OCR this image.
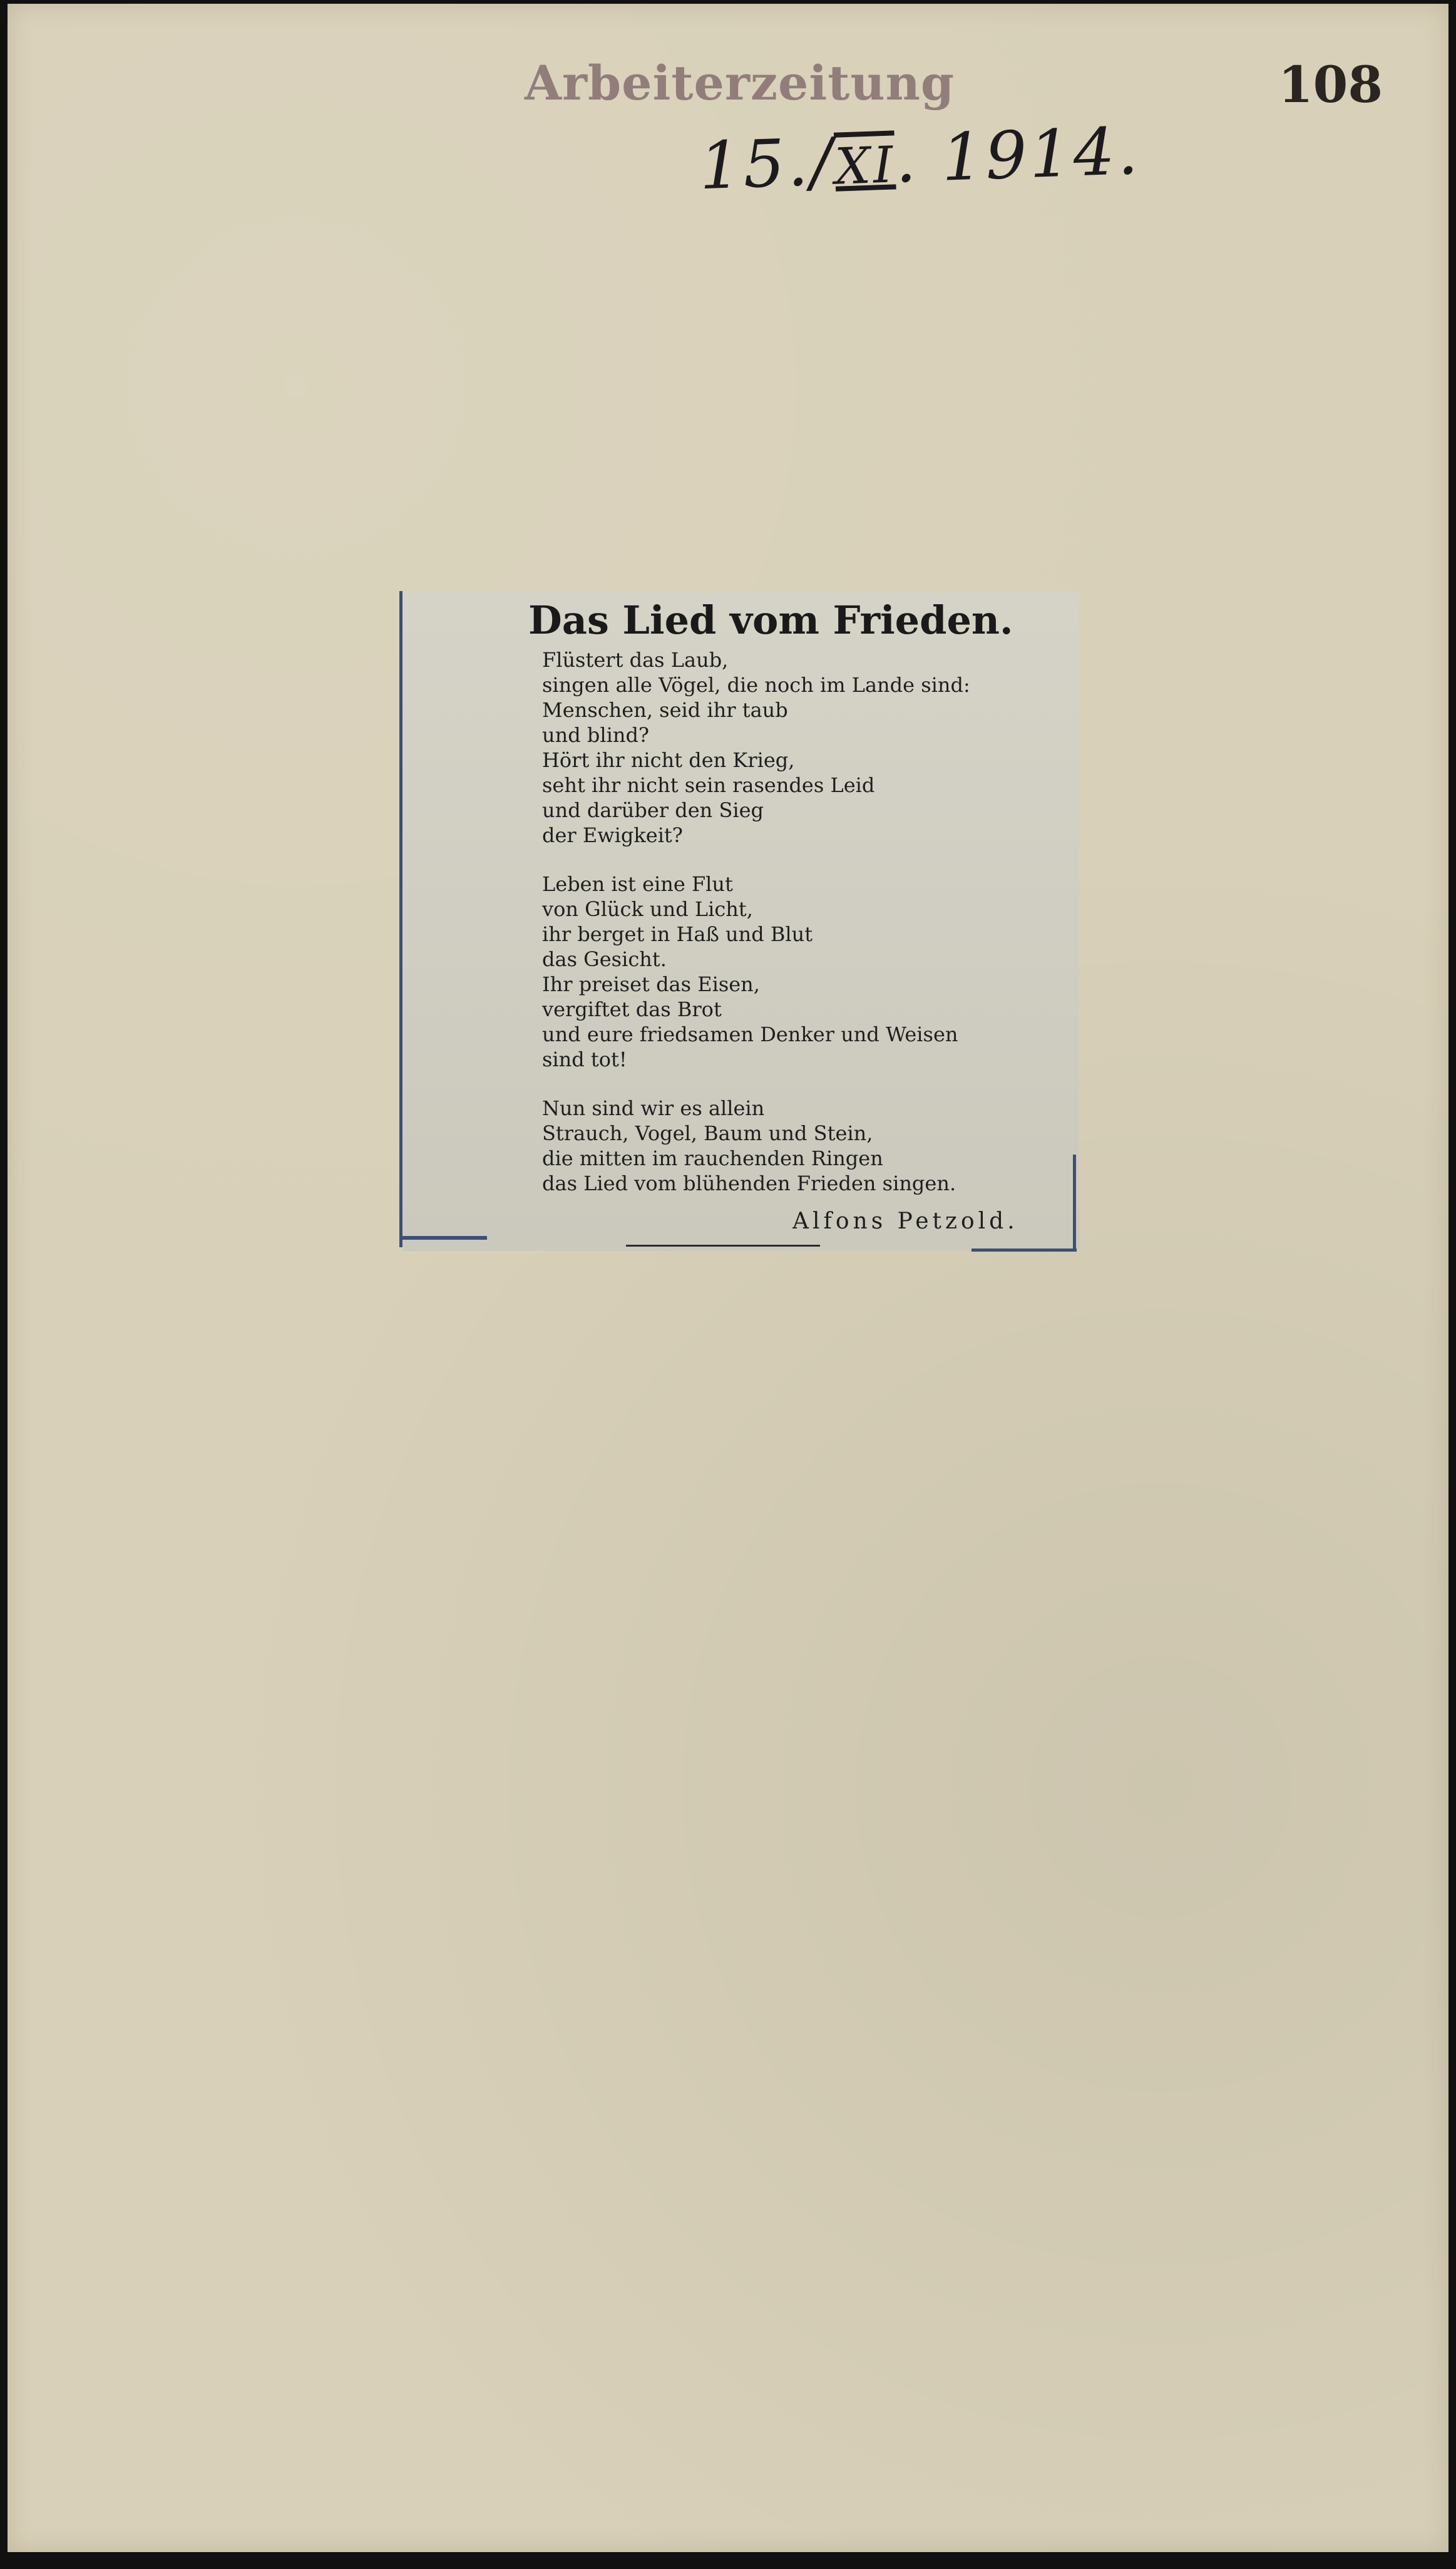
Arbeiterzeitung	108
15./XI. 1914.
Das Lied vom Frieden.
Flüstert das Laub,
singen alle Vögel, die noch im Lande sind:
Menschen, seid ihr taub
und blind?
Hört ihr nicht den Krieg,
seht ihr nicht sein rasendes Leid
und darüber den Sieg
der Ewigkeit?
Leben ist eine Flut
von Glück und Licht,
ihr berget in Haß und Blut
das Gesicht.
Ihr preiset das Eisen,
vergiftet das Brot
und eure friedsamen Denker und Weisen
sind tot!
Nun sind wir es allein
Strauch, Vogel, Baum und Stein,
die mitten im rauchenden Ringen
das Lied vom blühenden Frieden singen.
Alfons Petzold.
